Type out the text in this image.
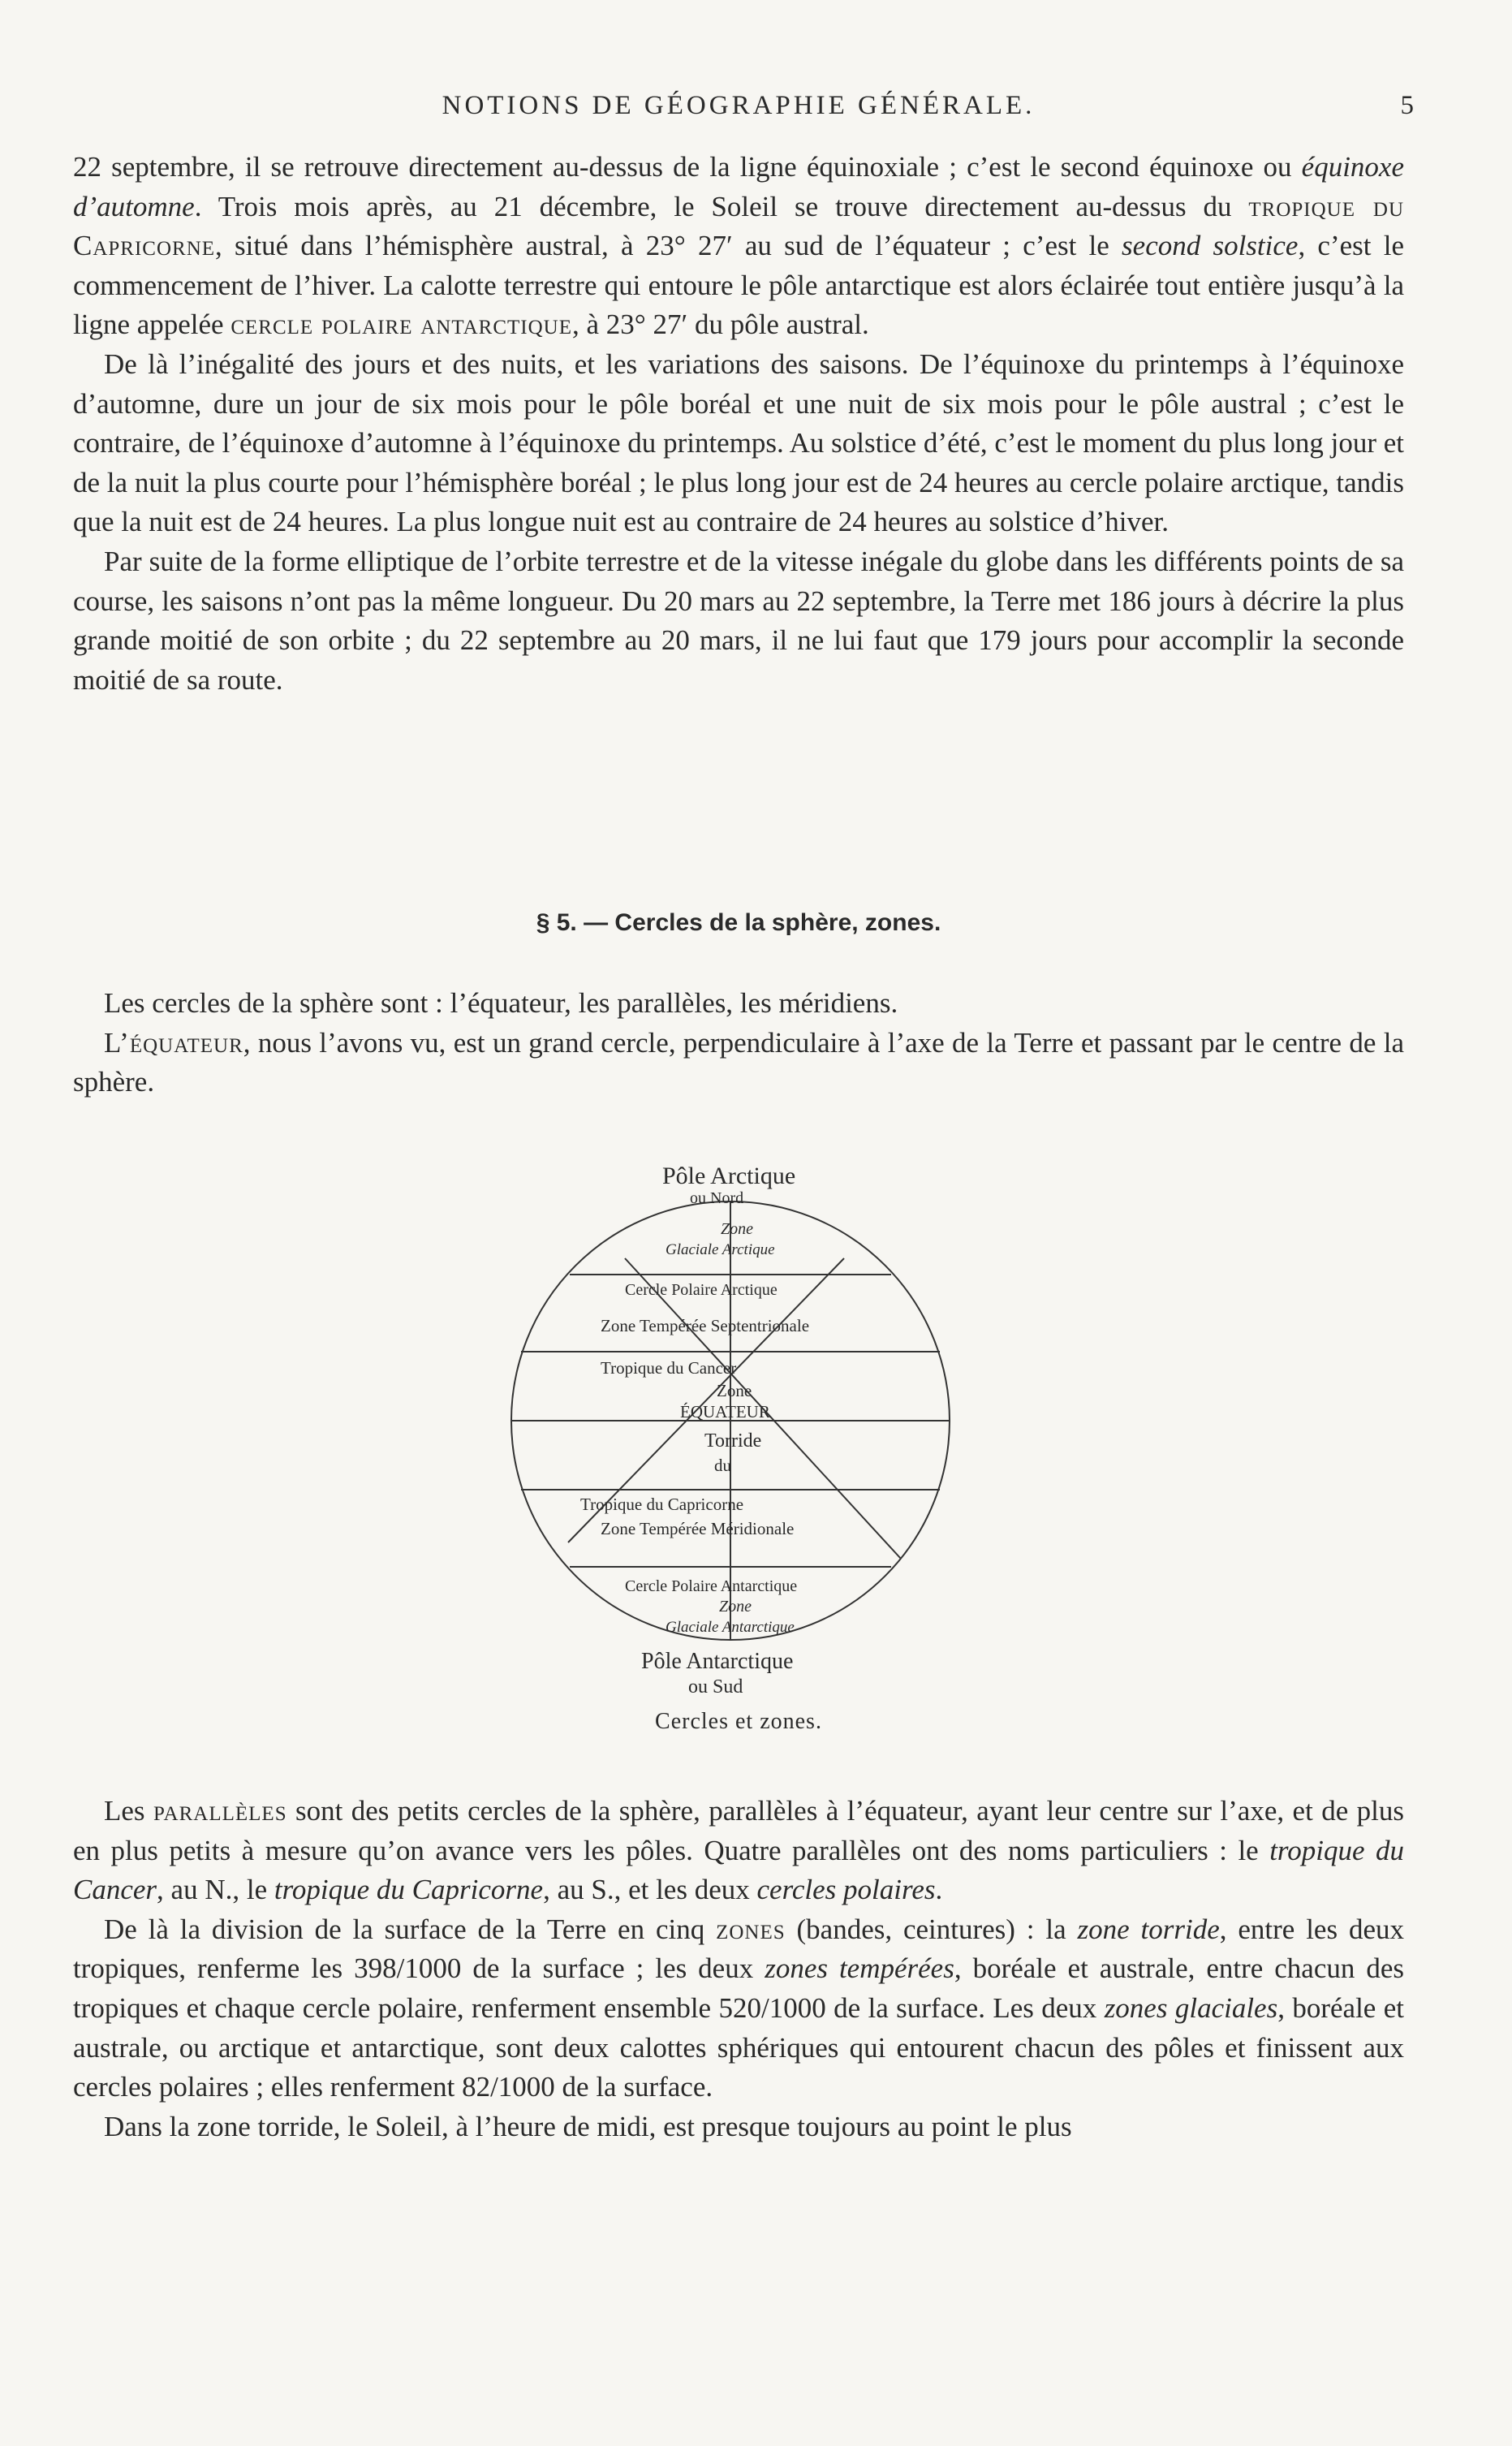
NOTIONS DE GÉOGRAPHIE GÉNÉRALE.	5

22 septembre, il se retrouve directement au-dessus de la ligne équinoxiale ; c’est le second équinoxe ou équinoxe d’automne. Trois mois après, au 21 décembre, le Soleil se trouve directement au-dessus du tropique du Capricorne, situé dans l’hémisphère austral, à 23° 27′ au sud de l’équateur ; c’est le second solstice, c’est le commencement de l’hiver. La calotte terrestre qui entoure le pôle antarctique est alors éclairée tout entière jusqu’à la ligne appelée cercle polaire antarctique, à 23° 27′ du pôle austral.

De là l’inégalité des jours et des nuits, et les variations des saisons. De l’équinoxe du printemps à l’équinoxe d’automne, dure un jour de six mois pour le pôle boréal et une nuit de six mois pour le pôle austral ; c’est le contraire, de l’équinoxe d’automne à l’équinoxe du printemps. Au solstice d’été, c’est le moment du plus long jour et de la nuit la plus courte pour l’hémisphère boréal ; le plus long jour est de 24 heures au cercle polaire arctique, tandis que la nuit est de 24 heures. La plus longue nuit est au contraire de 24 heures au solstice d’hiver.

Par suite de la forme elliptique de l’orbite terrestre et de la vitesse inégale du globe dans les différents points de sa course, les saisons n’ont pas la même longueur. Du 20 mars au 22 septembre, la Terre met 186 jours à décrire la plus grande moitié de son orbite ; du 22 septembre au 20 mars, il ne lui faut que 179 jours pour accomplir la seconde moitié de sa route.

§ 5. — Cercles de la sphère, zones.

Les cercles de la sphère sont : l’équateur, les parallèles, les méridiens.

L’équateur, nous l’avons vu, est un grand cercle, perpendiculaire à l’axe de la Terre et passant par le centre de la sphère.

Pôle Arctique
ou Nord
Zone
Glaciale Arctique
Cercle Polaire Arctique
Zone Tempérée Septentrionale
Tropique du Cancer
Zone
ÉQUATEUR
Torride
du
Tropique du Capricorne
Zone Tempérée Méridionale
Cercle Polaire Antarctique
Zone
Glaciale Antarctique
Pôle Antarctique
ou Sud
Cercles et zones.

Les parallèles sont des petits cercles de la sphère, parallèles à l’équateur, ayant leur centre sur l’axe, et de plus en plus petits à mesure qu’on avance vers les pôles. Quatre parallèles ont des noms particuliers : le tropique du Cancer, au N., le tropique du Capricorne, au S., et les deux cercles polaires.

De là la division de la surface de la Terre en cinq zones (bandes, ceintures) : la zone torride, entre les deux tropiques, renferme les 398/1000 de la surface ; les deux zones tempérées, boréale et australe, entre chacun des tropiques et chaque cercle polaire, renferment ensemble 520/1000 de la surface. Les deux zones glaciales, boréale et australe, ou arctique et antarctique, sont deux calottes sphériques qui entourent chacun des pôles et finissent aux cercles polaires ; elles renferment 82/1000 de la surface.

Dans la zone torride, le Soleil, à l’heure de midi, est presque toujours au point le plus
